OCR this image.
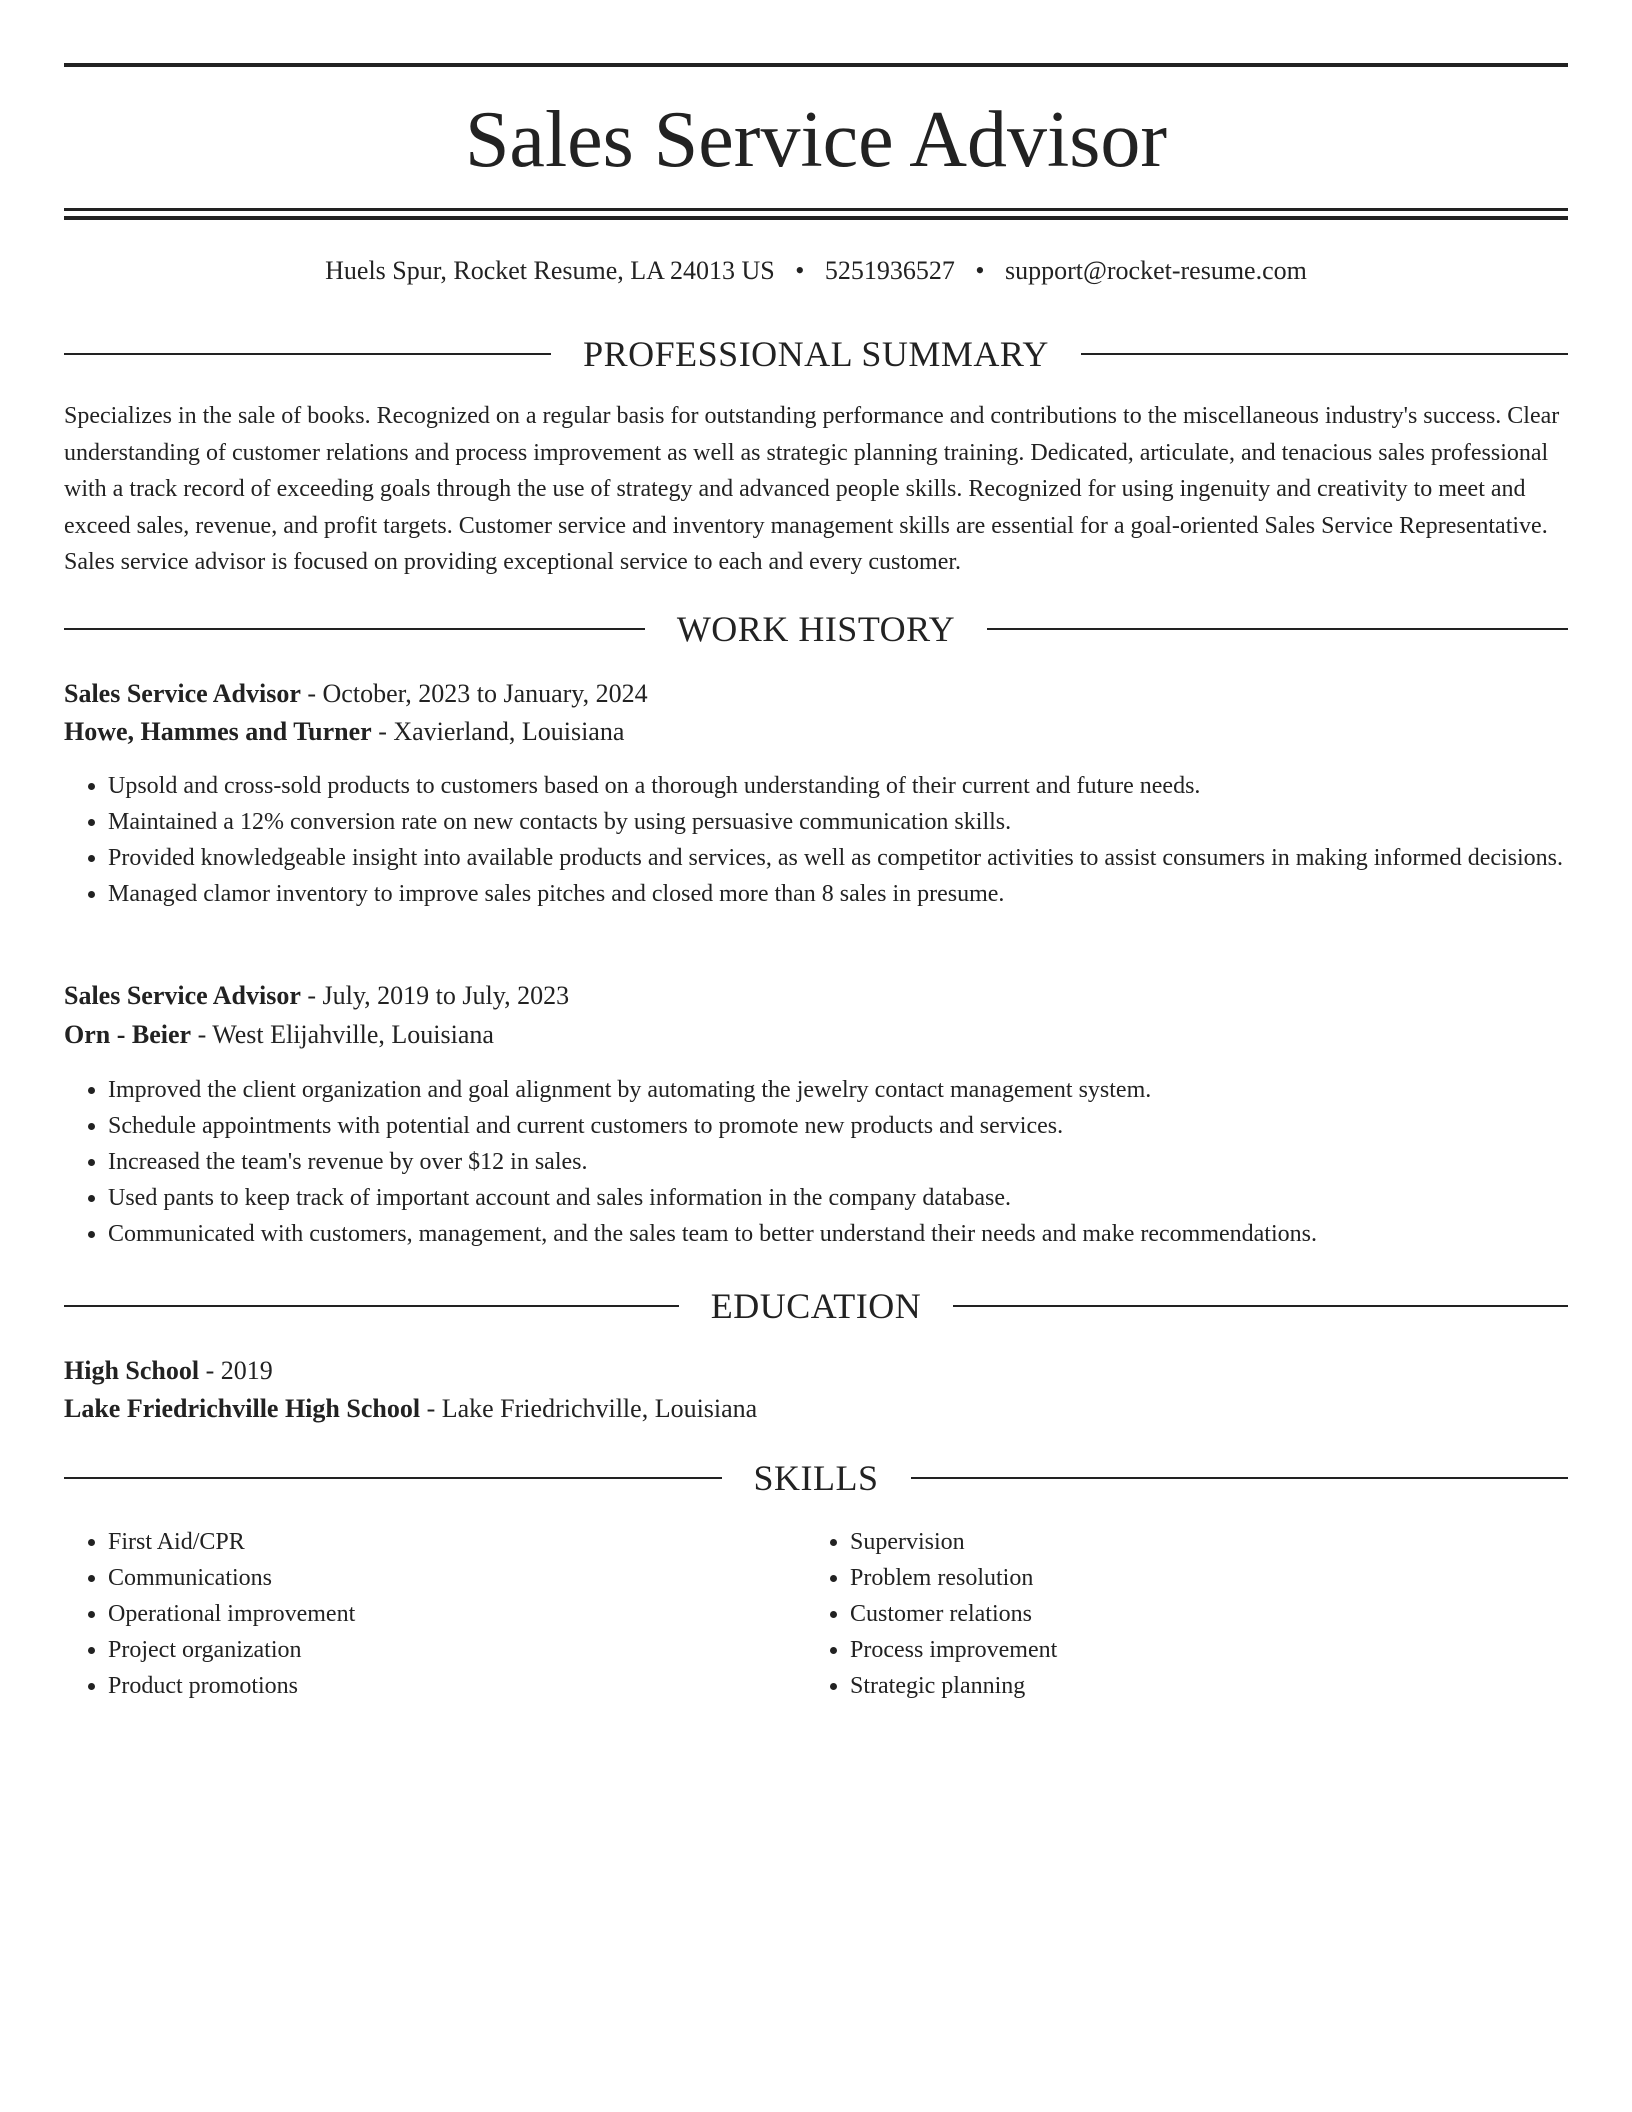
Sales Service Advisor
Huels Spur, Rocket Resume, LA 24013 US • 5251936527 • support@rocket-resume.com
PROFESSIONAL SUMMARY

Specializes in the sale of books. Recognized on a regular basis for outstanding performance and contributions to the miscellaneous industry's success. Clear understanding of customer relations and process improvement as well as strategic planning training. Dedicated, articulate, and tenacious sales professional with a track record of exceeding goals through the use of strategy and advanced people skills. Recognized for using ingenuity and creativity to meet and exceed sales, revenue, and profit targets. Customer service and inventory management skills are essential for a goal-oriented Sales Service Representative. Sales service advisor is focused on providing exceptional service to each and every customer.

WORK HISTORY
Sales Service Advisor - October, 2023 to January, 2024
Howe, Hammes and Turner - Xavierland, Louisiana
• Upsold and cross-sold products to customers based on a thorough understanding of their current and future needs.
• Maintained a 12% conversion rate on new contacts by using persuasive communication skills.
• Provided knowledgeable insight into available products and services, as well as competitor activities to assist consumers in making informed decisions.
• Managed clamor inventory to improve sales pitches and closed more than 8 sales in presume.
Sales Service Advisor - July, 2019 to July, 2023
Orn - Beier - West Elijahville, Louisiana
• Improved the client organization and goal alignment by automating the jewelry contact management system.
• Schedule appointments with potential and current customers to promote new products and services.
• Increased the team's revenue by over $12 in sales.
• Used pants to keep track of important account and sales information in the company database.
• Communicated with customers, management, and the sales team to better understand their needs and make recommendations.
EDUCATION
High School - 2019
Lake Friedrichville High School - Lake Friedrichville, Louisiana
SKILLS
• First Aid/CPR
• Communications
• Operational improvement
• Project organization
• Product promotions
• Supervision
• Problem resolution
• Customer relations
• Process improvement
• Strategic planning
